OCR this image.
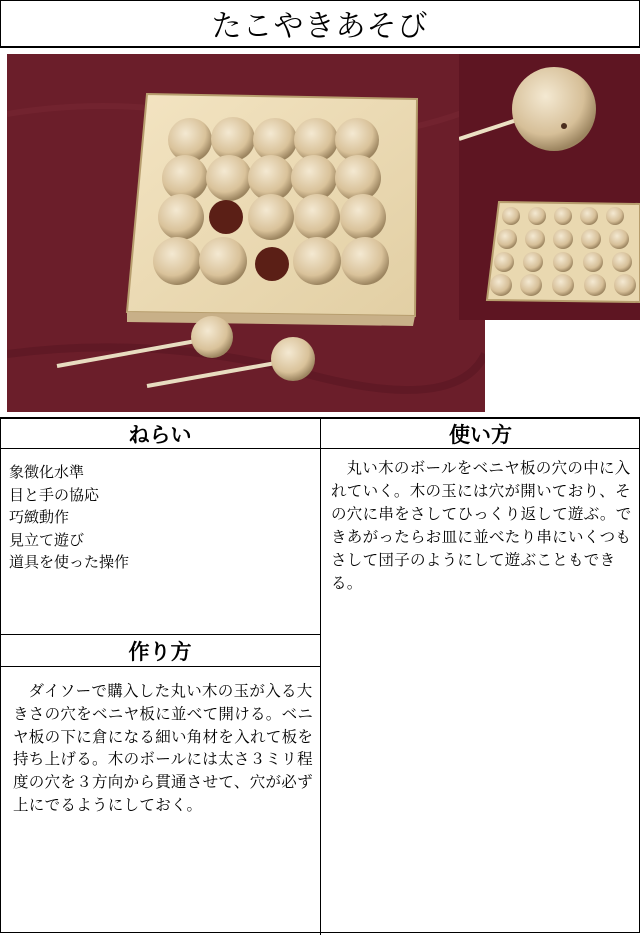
たこやきあそび
ねらい
象徴化水準
目と手の協応
巧緻動作
見立て遊び
道具を使った操作
作り方
ダイソーで購入した丸い木の玉が入る大きさの穴をベニヤ板に並べて開ける。ベニヤ板の下に倉になる細い角材を入れて板を持ち上げる。木のボールには太さ３ミリ程度の穴を３方向から貫通させて、穴が必ず上にでるようにしておく。
使い方
丸い木のボールをベニヤ板の穴の中に入れていく。木の玉には穴が開いており、その穴に串をさしてひっくり返して遊ぶ。できあがったらお皿に並べたり串にいくつもさして団子のようにして遊ぶこともできる。
